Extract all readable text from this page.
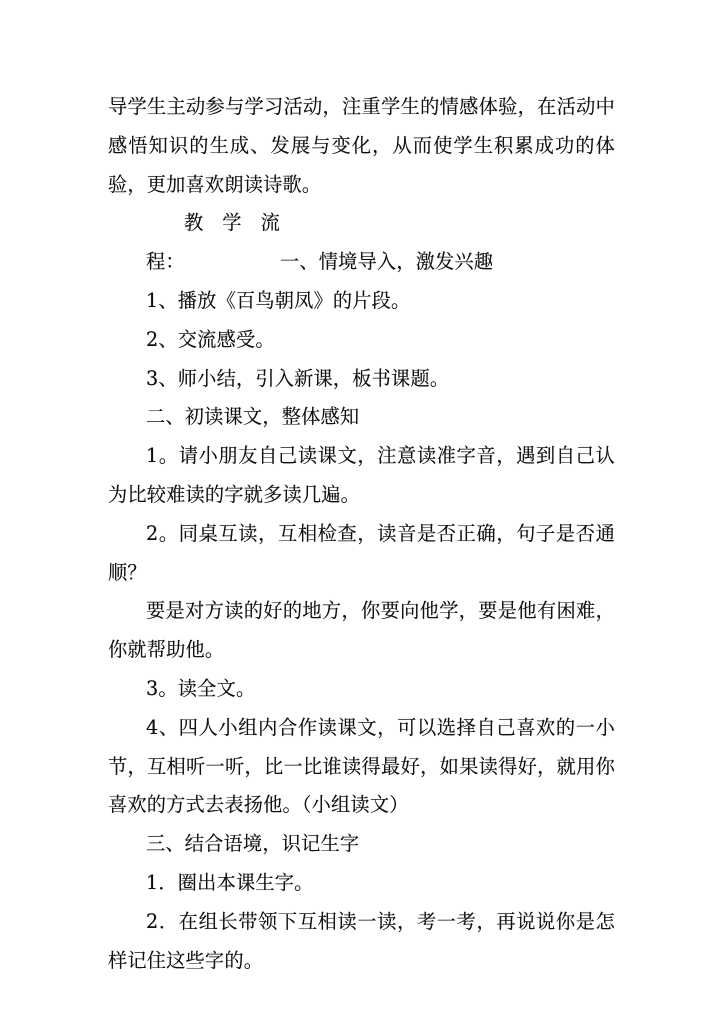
导学生主动参与学习活动，注重学生的情感体验，在活动中感悟知识的生成、发展与变化，从而使学生积累成功的体验，更加喜欢朗读诗歌。

教学流程：	一、情境导入，激发兴趣

1、播放《百鸟朝凤》的片段。

2、交流感受。

3、师小结，引入新课，板书课题。

二、初读课文，整体感知

1。请小朋友自己读课文，注意读准字音，遇到自己认为比较难读的字就多读几遍。

2。同桌互读，互相检查，读音是否正确，句子是否通顺？

要是对方读的好的地方，你要向他学，要是他有困难，你就帮助他。

3。读全文。

4、四人小组内合作读课文，可以选择自己喜欢的一小节，互相听一听，比一比谁读得最好，如果读得好，就用你喜欢的方式去表扬他。（小组读文）

三、结合语境，识记生字

1．圈出本课生字。

2．在组长带领下互相读一读，考一考，再说说你是怎样记住这些字的。
